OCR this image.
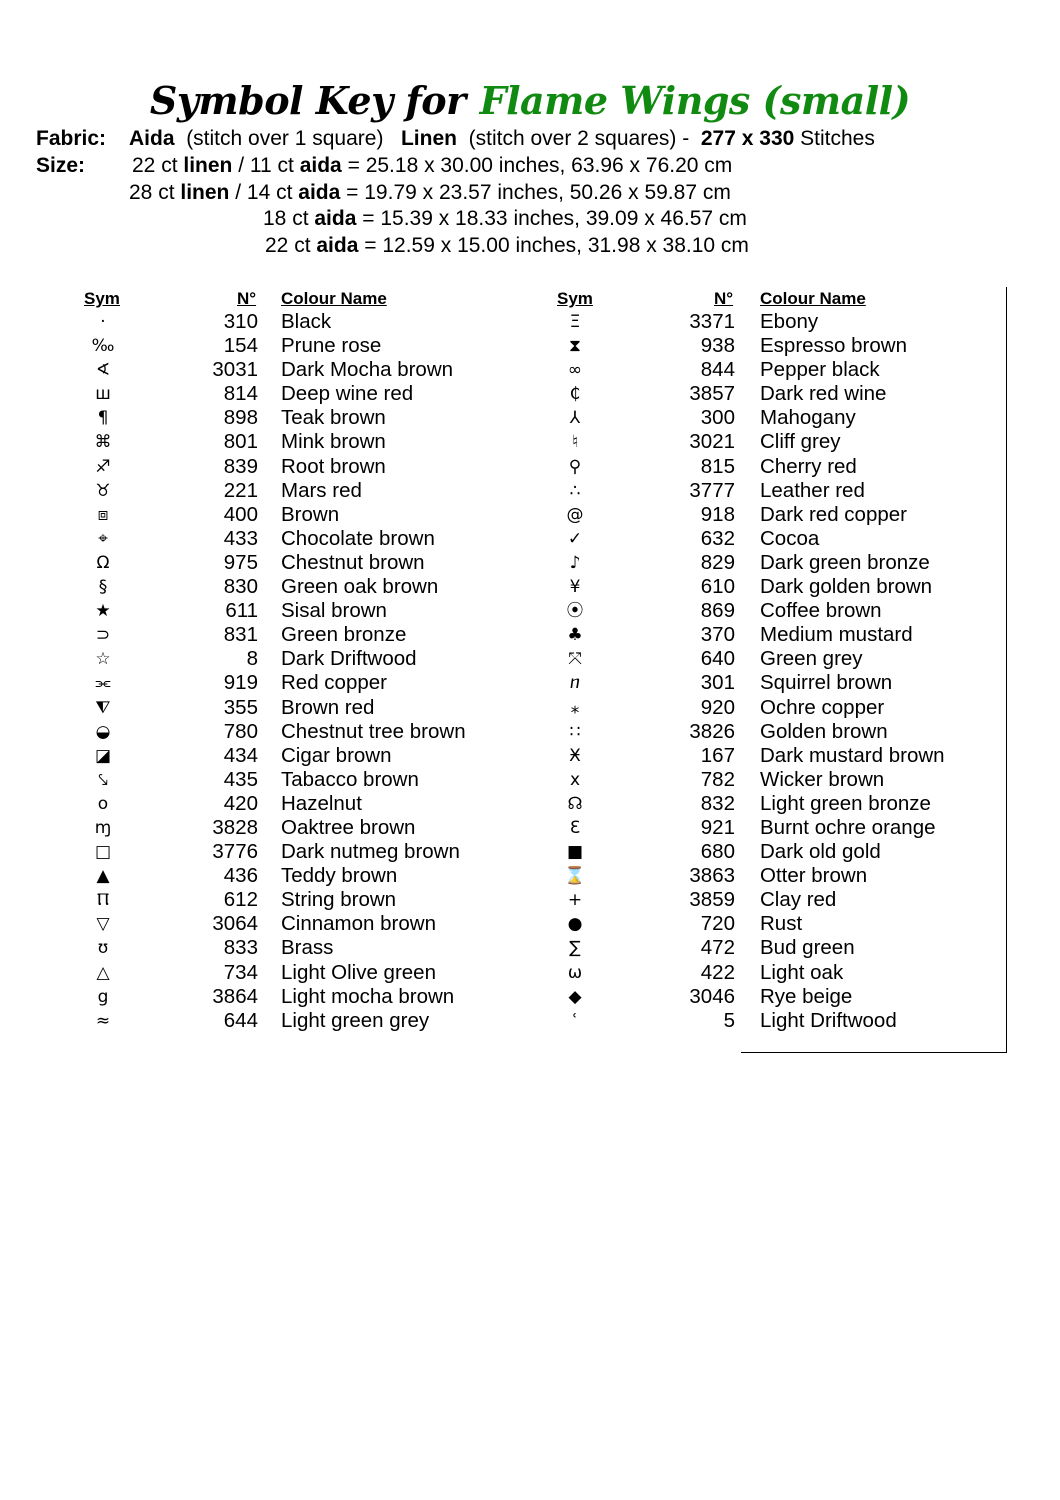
Symbol Key for Flame Wings (small)
Fabric: Aida (stitch over 1 square) Linen (stitch over 2 squares) - 277 x 330 Stitches
Size: 22 ct linen / 11 ct aida = 25.18 x 30.00 inches, 63.96 x 76.20 cm
28 ct linen / 14 ct aida = 19.79 x 23.57 inches, 50.26 x 59.87 cm
18 ct aida = 15.39 x 18.33 inches, 39.09 x 46.57 cm
22 ct aida = 12.59 x 15.00 inches, 31.98 x 38.10 cm
Sym	N° Colour Name	Sym	N° Colour Name
·	310 Black
‰	154 Prune rose
∢	3031 Dark Mocha brown
ш	814 Deep wine red
¶	898 Teak brown
⌘	801 Mink brown
♐	839 Root brown
♉	221 Mars red
⧈	400 Brown
⌖	433 Chocolate brown
Ω	975 Chestnut brown
§	830 Green oak brown
★	611 Sisal brown
⊃	831 Green bronze
☆	8 Dark Driftwood
⫘	919 Red copper
⧨	355 Brown red
◒	780 Chestnut tree brown
◪	434 Cigar brown
⤥	435 Tabacco brown
o	420 Hazelnut
ɱ	3828 Oaktree brown
□	3776 Dark nutmeg brown
▲	436 Teddy brown
Ⲡ	612 String brown
▽	3064 Cinnamon brown
ʊ	833 Brass
△	734 Light Olive green
g	3864 Light mocha brown
≈	644 Light green grey
Ξ	3371 Ebony
⧗	938 Espresso brown
∞	844 Pepper black
₵	3857 Dark red wine
⅄	300 Mahogany
♮	3021 Cliff grey
⚲	815 Cherry red
∴	3777 Leather red
@	918 Dark red copper
✓	632 Cocoa
♪	829 Dark green bronze
¥	610 Dark golden brown
⦿	869 Coffee brown
♣	370 Medium mustard
⤧	640 Green grey
ⴖ	301 Squirrel brown
⁎	920 Ochre copper
∷	3826 Golden brown
Ӿ	167 Dark mustard brown
x	782 Wicker brown
☊	832 Light green bronze
Ɛ	921 Burnt ochre orange
■	680 Dark old gold
⌛	3863 Otter brown
+	3859 Clay red
●	720 Rust
∑	472 Bud green
ω	422 Light oak
◆	3046 Rye beige
ʿ	5 Light Driftwood
